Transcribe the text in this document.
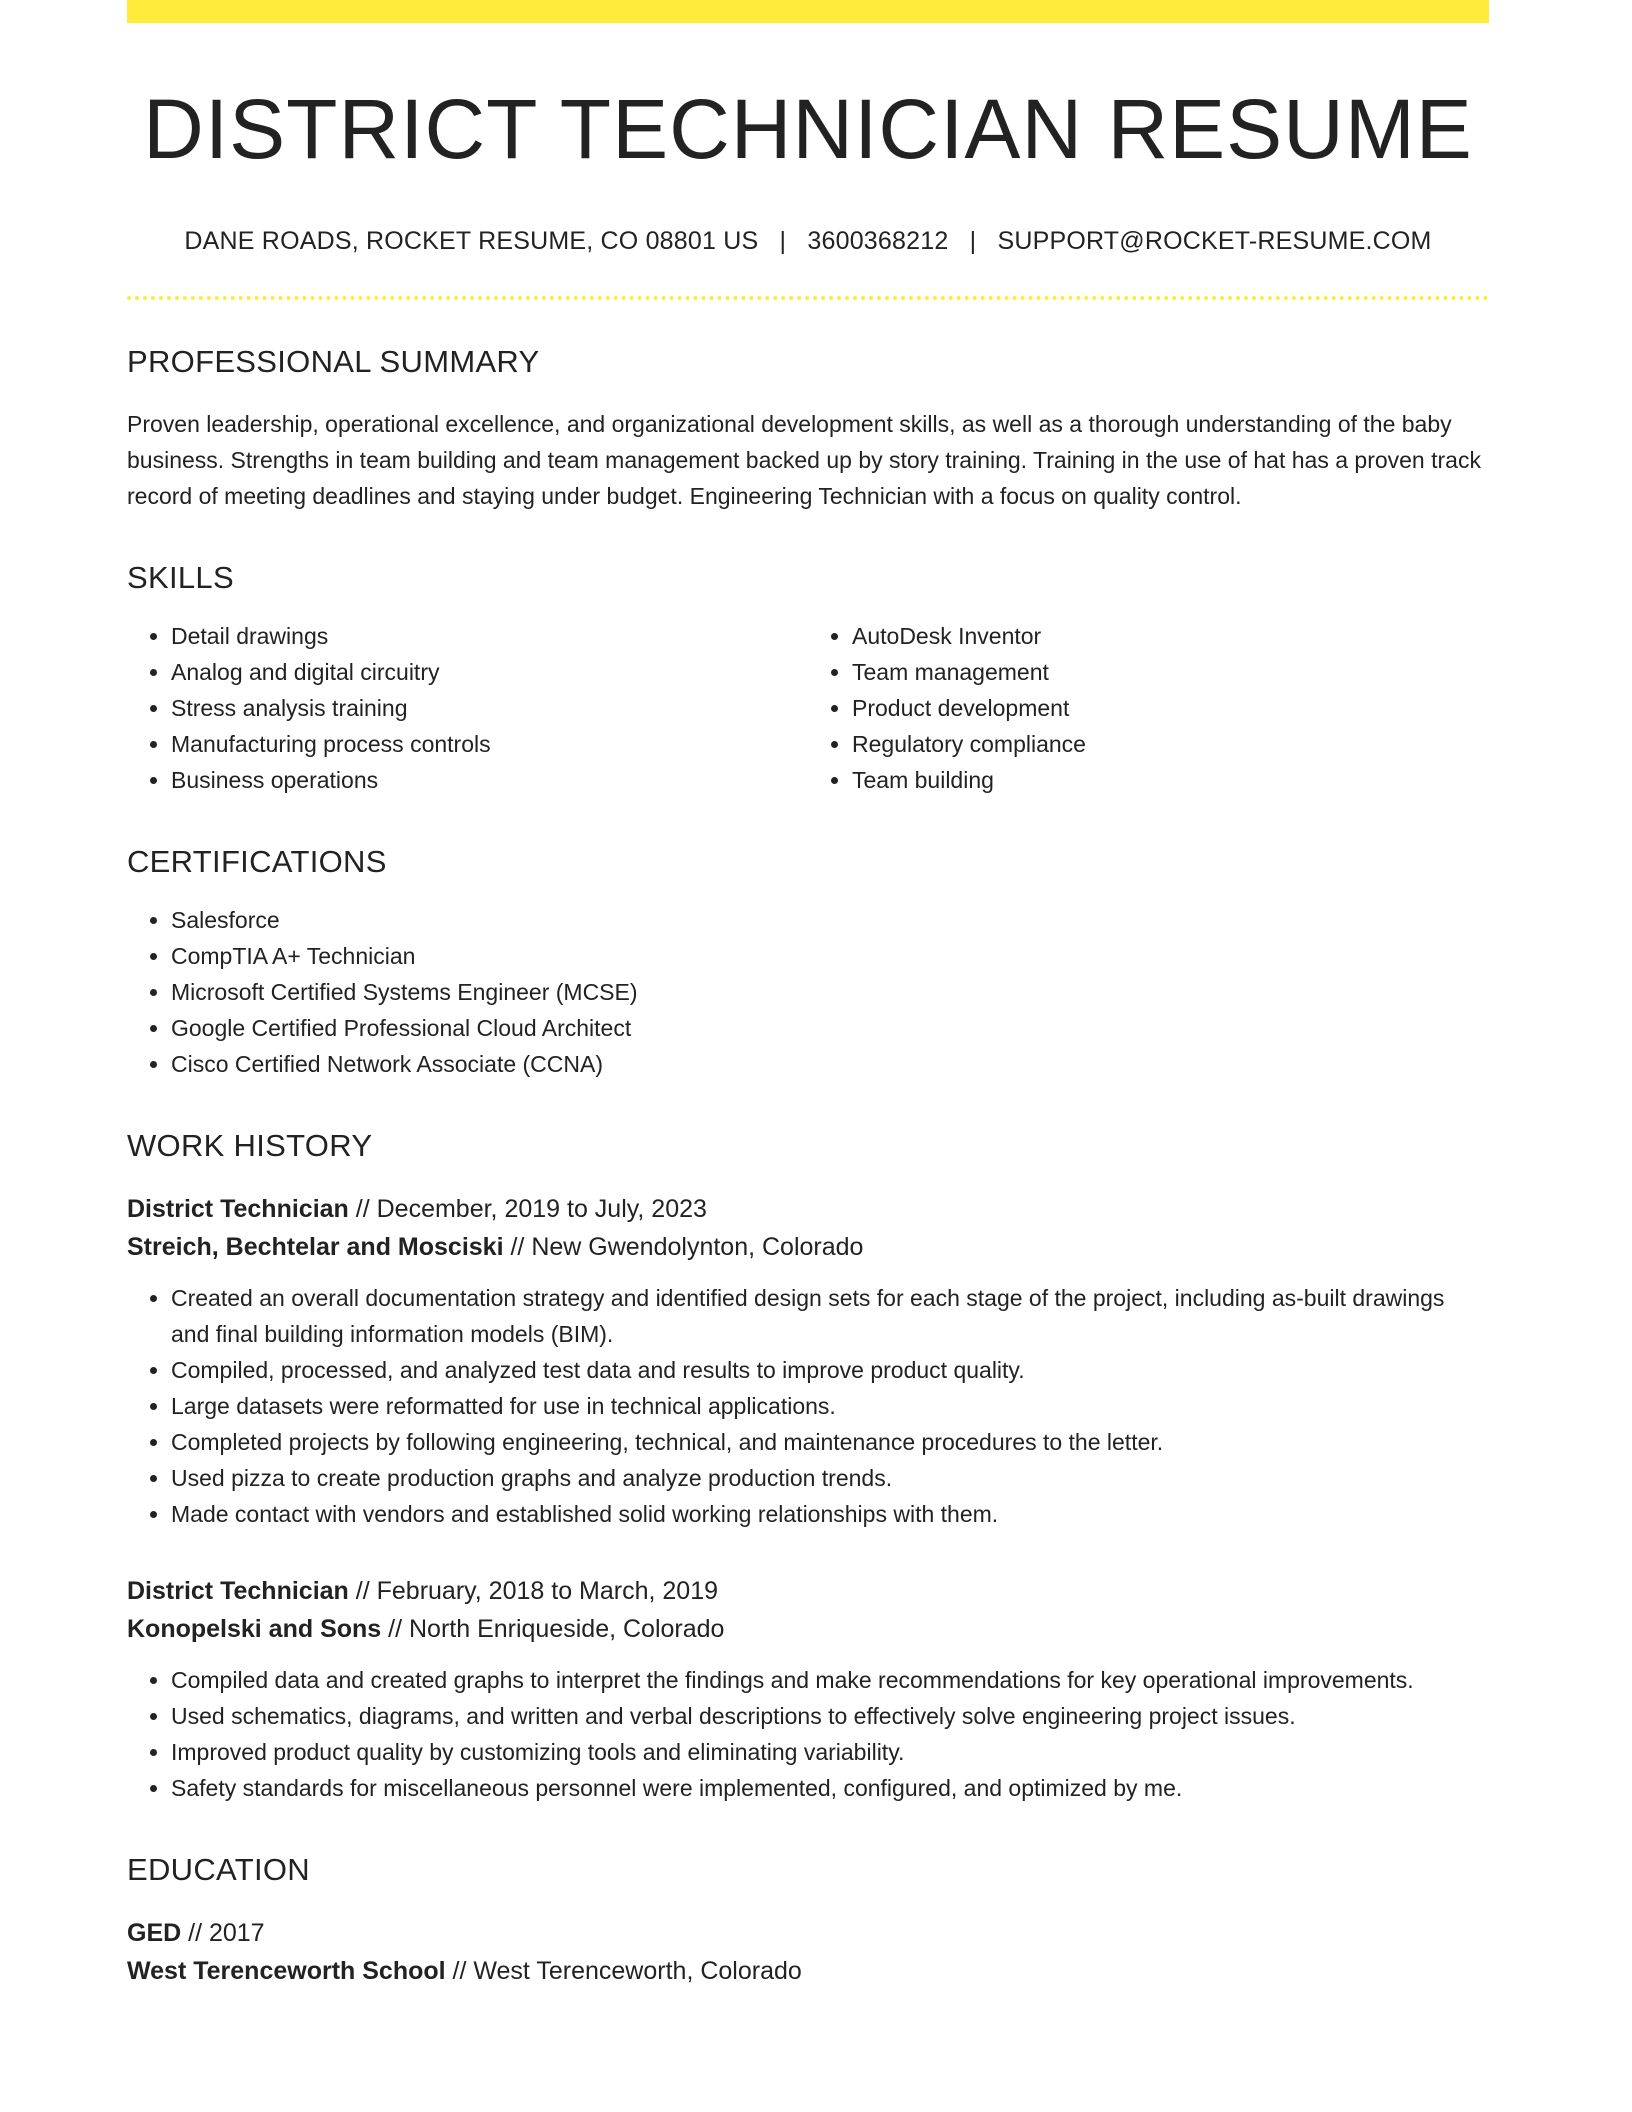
DISTRICT TECHNICIAN RESUME
DANE ROADS, ROCKET RESUME, CO 08801 US | 3600368212 | SUPPORT@ROCKET-RESUME.COM
PROFESSIONAL SUMMARY
Proven leadership, operational excellence, and organizational development skills, as well as a thorough understanding of the baby business. Strengths in team building and team management backed up by story training. Training in the use of hat has a proven track record of meeting deadlines and staying under budget. Engineering Technician with a focus on quality control.
SKILLS
• Detail drawings
• Analog and digital circuitry
• Stress analysis training
• Manufacturing process controls
• Business operations
• AutoDesk Inventor
• Team management
• Product development
• Regulatory compliance
• Team building
CERTIFICATIONS
• Salesforce
• CompTIA A+ Technician
• Microsoft Certified Systems Engineer (MCSE)
• Google Certified Professional Cloud Architect
• Cisco Certified Network Associate (CCNA)
WORK HISTORY
District Technician // December, 2019 to July, 2023
Streich, Bechtelar and Mosciski // New Gwendolynton, Colorado
• Created an overall documentation strategy and identified design sets for each stage of the project, including as-built drawings and final building information models (BIM).
• Compiled, processed, and analyzed test data and results to improve product quality.
• Large datasets were reformatted for use in technical applications.
• Completed projects by following engineering, technical, and maintenance procedures to the letter.
• Used pizza to create production graphs and analyze production trends.
• Made contact with vendors and established solid working relationships with them.
District Technician // February, 2018 to March, 2019
Konopelski and Sons // North Enriqueside, Colorado
• Compiled data and created graphs to interpret the findings and make recommendations for key operational improvements.
• Used schematics, diagrams, and written and verbal descriptions to effectively solve engineering project issues.
• Improved product quality by customizing tools and eliminating variability.
• Safety standards for miscellaneous personnel were implemented, configured, and optimized by me.
EDUCATION
GED // 2017
West Terenceworth School // West Terenceworth, Colorado
